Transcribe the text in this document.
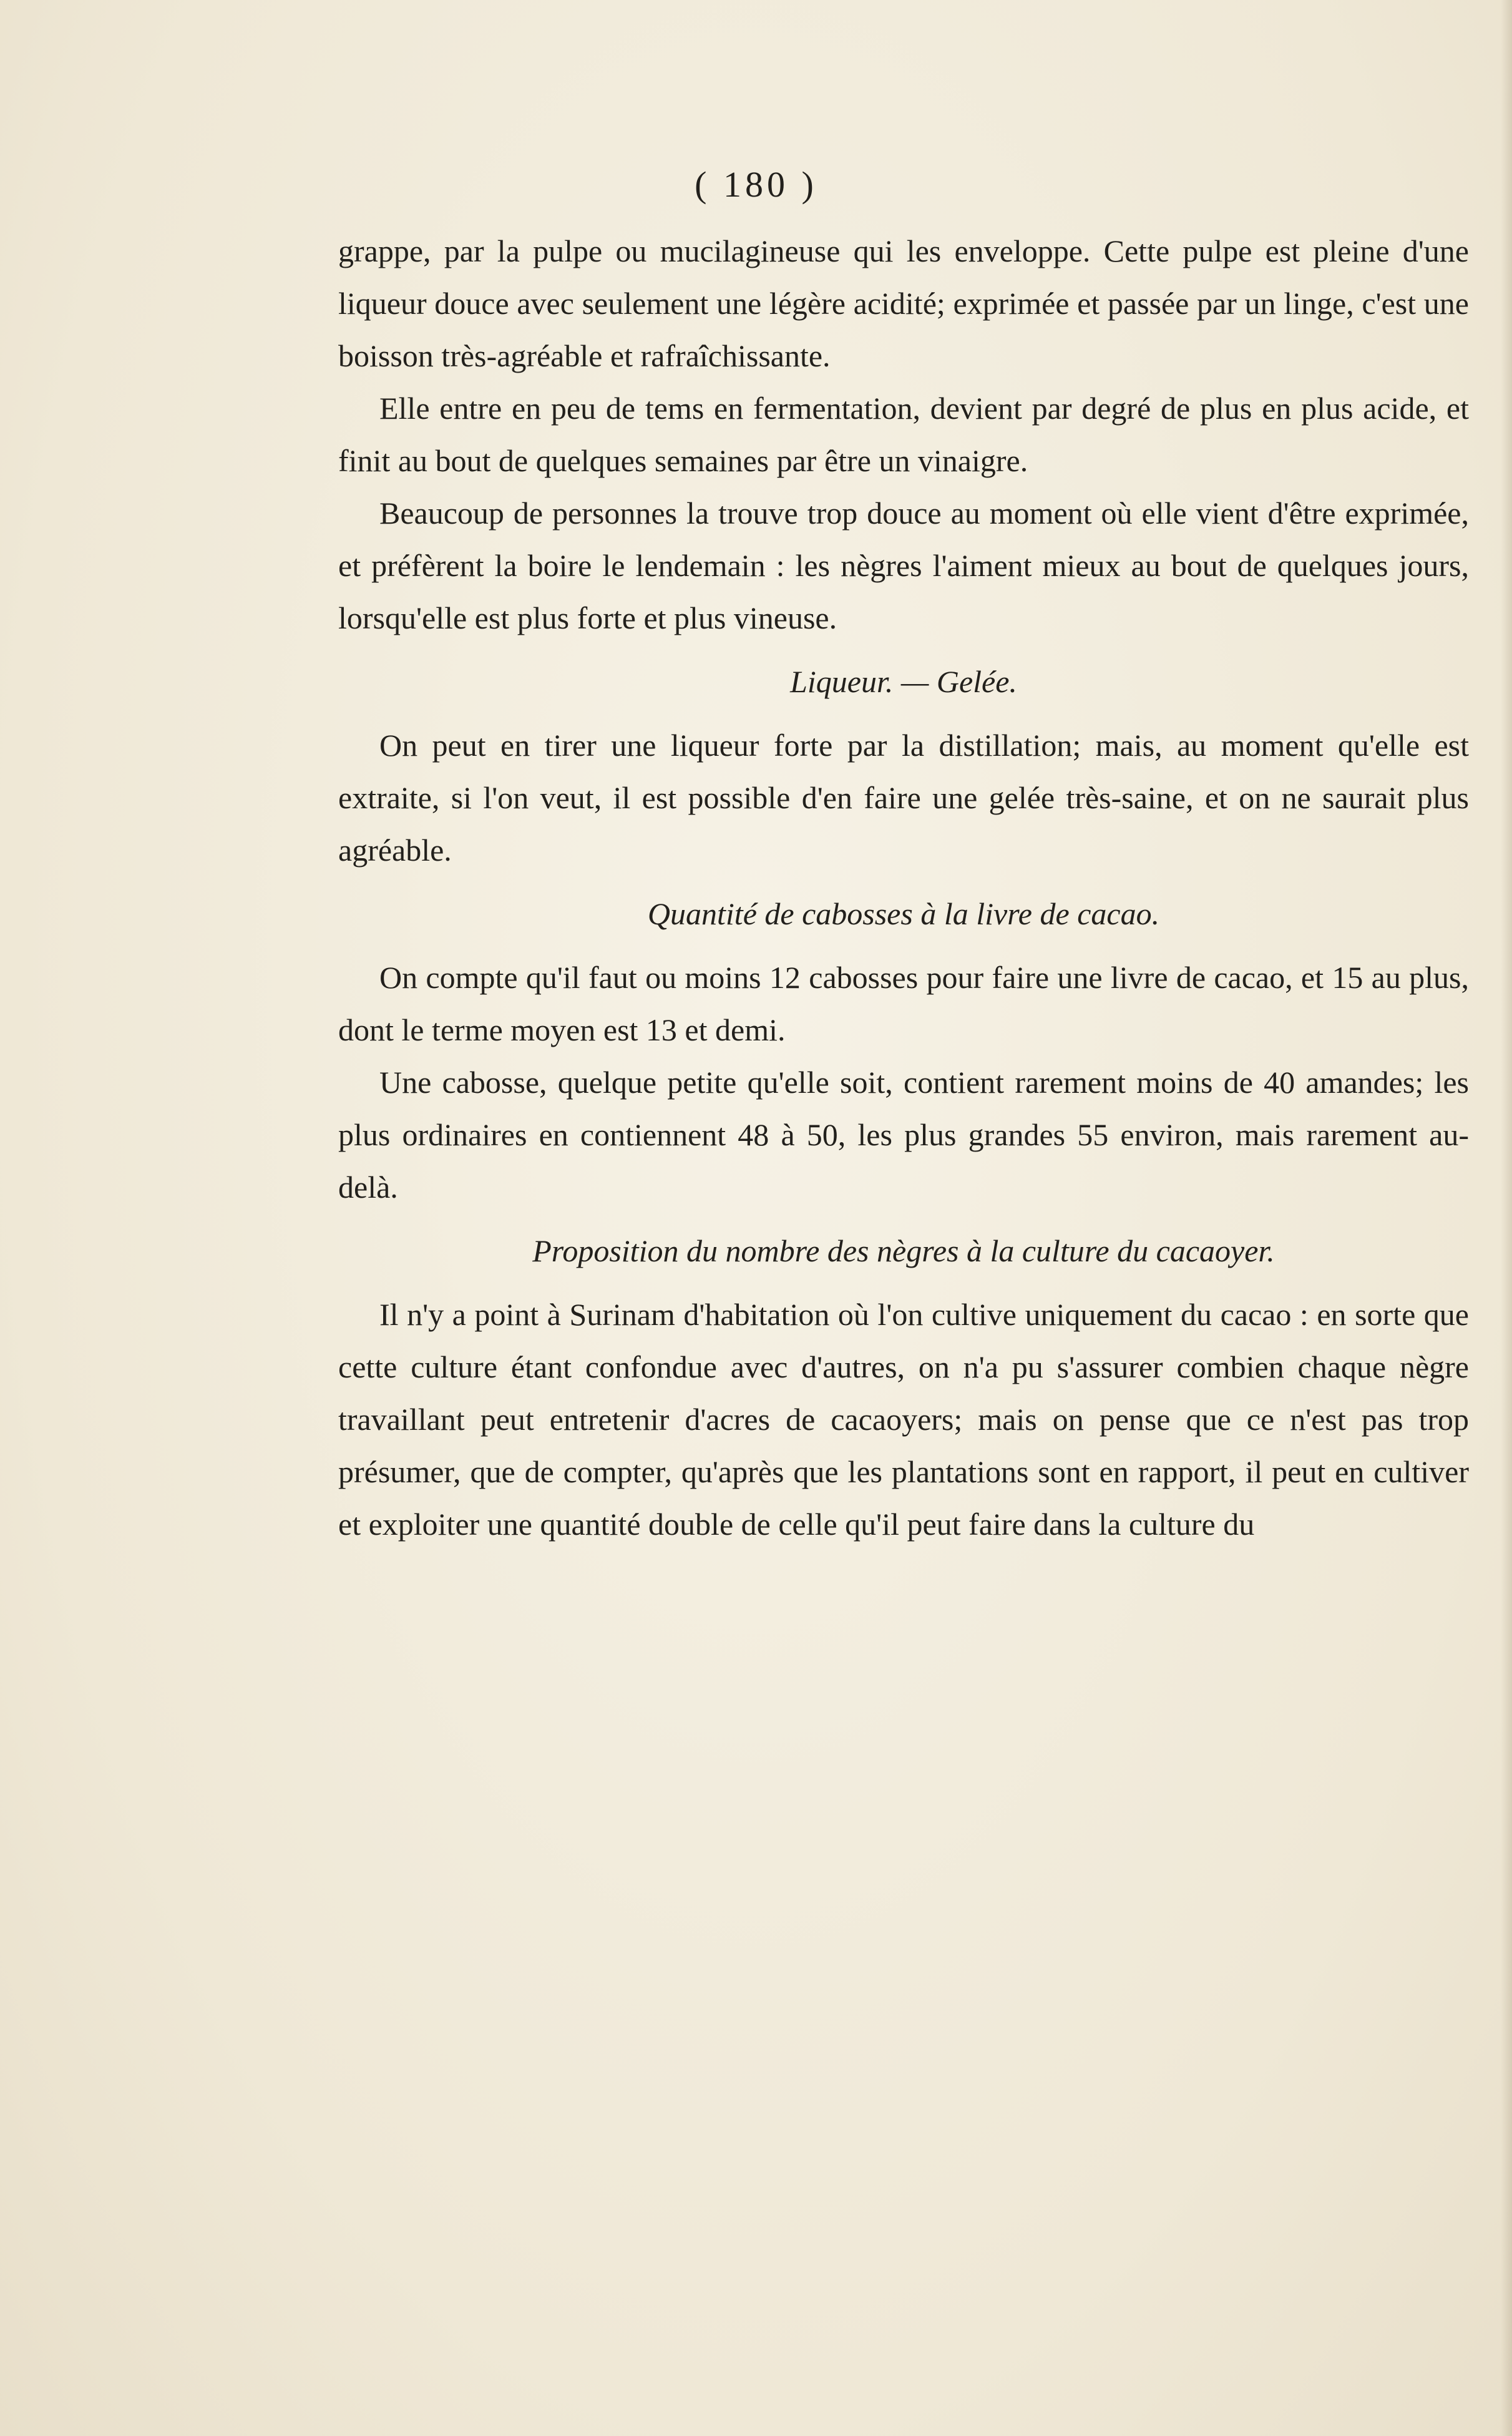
( 180 )

grappe, par la pulpe ou mucilagineuse qui les enveloppe. Cette pulpe est pleine d'une liqueur douce avec seulement une légère acidité; exprimée et passée par un linge, c'est une boisson très-agréable et rafraîchissante.

Elle entre en peu de tems en fermentation, devient par degré de plus en plus acide, et finit au bout de quelques semaines par être un vinaigre.

Beaucoup de personnes la trouve trop douce au moment où elle vient d'être exprimée, et préfèrent la boire le lendemain : les nègres l'aiment mieux au bout de quelques jours, lorsqu'elle est plus forte et plus vineuse.

Liqueur. — Gelée.

On peut en tirer une liqueur forte par la distillation; mais, au moment qu'elle est extraite, si l'on veut, il est possible d'en faire une gelée très-saine, et on ne saurait plus agréable.

Quantité de cabosses à la livre de cacao.

On compte qu'il faut ou moins 12 cabosses pour faire une livre de cacao, et 15 au plus, dont le terme moyen est 13 et demi.

Une cabosse, quelque petite qu'elle soit, contient rarement moins de 40 amandes; les plus ordinaires en contiennent 48 à 50, les plus grandes 55 environ, mais rarement au-delà.

Proposition du nombre des nègres à la culture du cacaoyer.

Il n'y a point à Surinam d'habitation où l'on cultive uniquement du cacao : en sorte que cette culture étant confondue avec d'autres, on n'a pu s'assurer combien chaque nègre travaillant peut entretenir d'acres de cacaoyers; mais on pense que ce n'est pas trop présumer, que de compter, qu'après que les plantations sont en rapport, il peut en cultiver et exploiter une quantité double de celle qu'il peut faire dans la culture du
